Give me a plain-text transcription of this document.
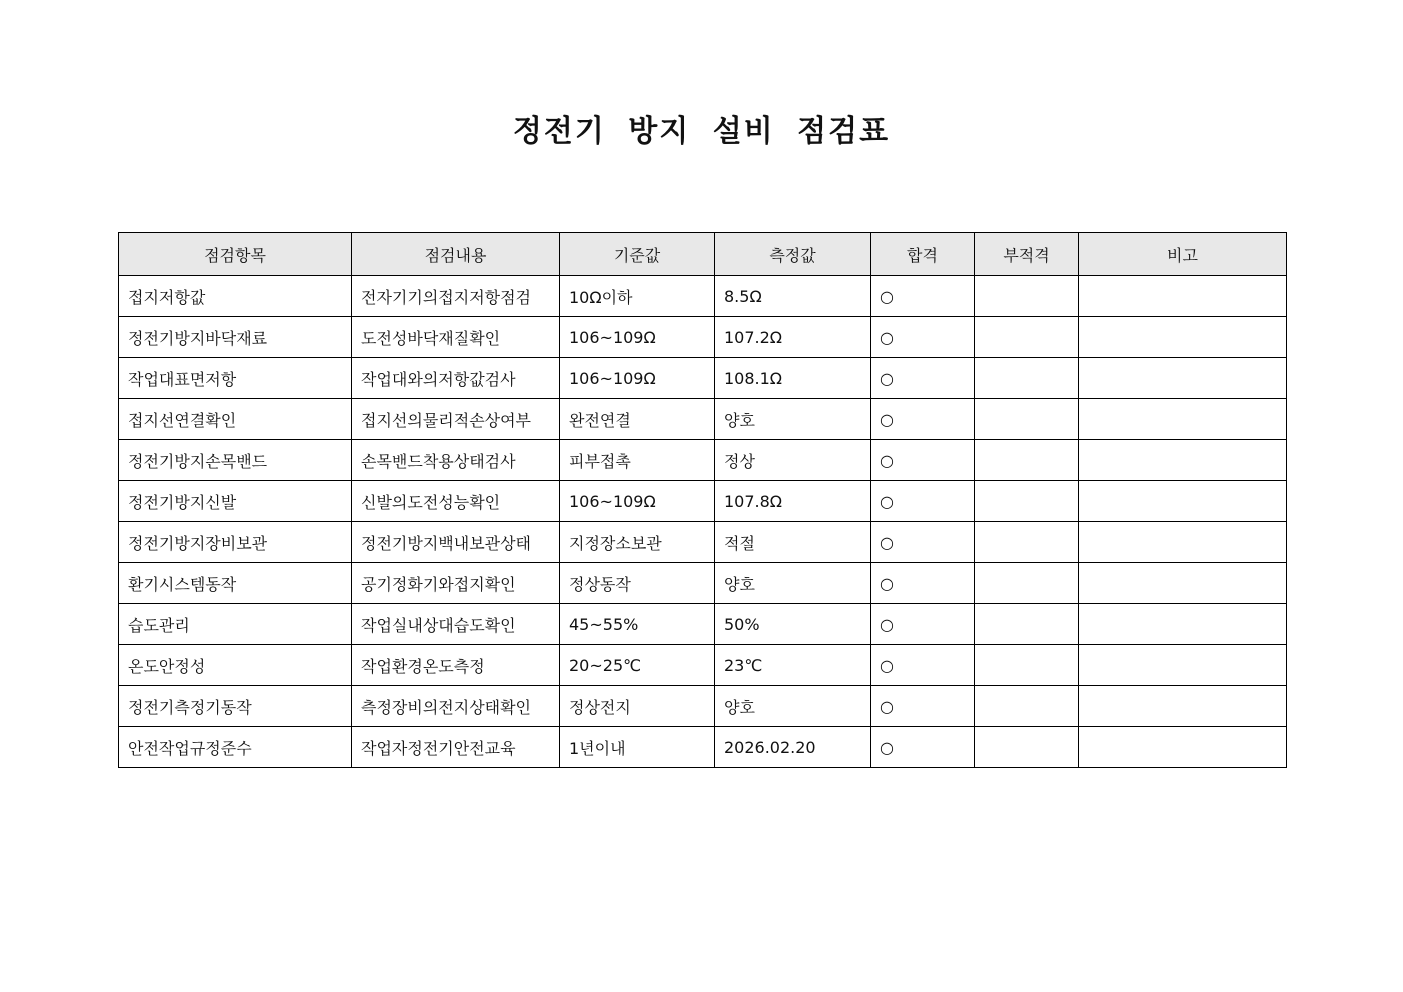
정전기 방지 설비 점검표
점검항목	점검내용	기준값	측정값	합격	부적격	비고
접지저항값	전자기기의접지저항점검	10Ω이하	8.5Ω	○		
정전기방지바닥재료	도전성바닥재질확인	106~109Ω	107.2Ω	○		
작업대표면저항	작업대와의저항값검사	106~109Ω	108.1Ω	○		
접지선연결확인	접지선의물리적손상여부	완전연결	양호	○		
정전기방지손목밴드	손목밴드착용상태검사	피부접촉	정상	○		
정전기방지신발	신발의도전성능확인	106~109Ω	107.8Ω	○		
정전기방지장비보관	정전기방지백내보관상태	지정장소보관	적절	○		
환기시스템동작	공기정화기와접지확인	정상동작	양호	○		
습도관리	작업실내상대습도확인	45~55%	50%	○		
온도안정성	작업환경온도측정	20~25℃	23℃	○		
정전기측정기동작	측정장비의전지상태확인	정상전지	양호	○		
안전작업규정준수	작업자정전기안전교육	1년이내	2026.02.20	○		
